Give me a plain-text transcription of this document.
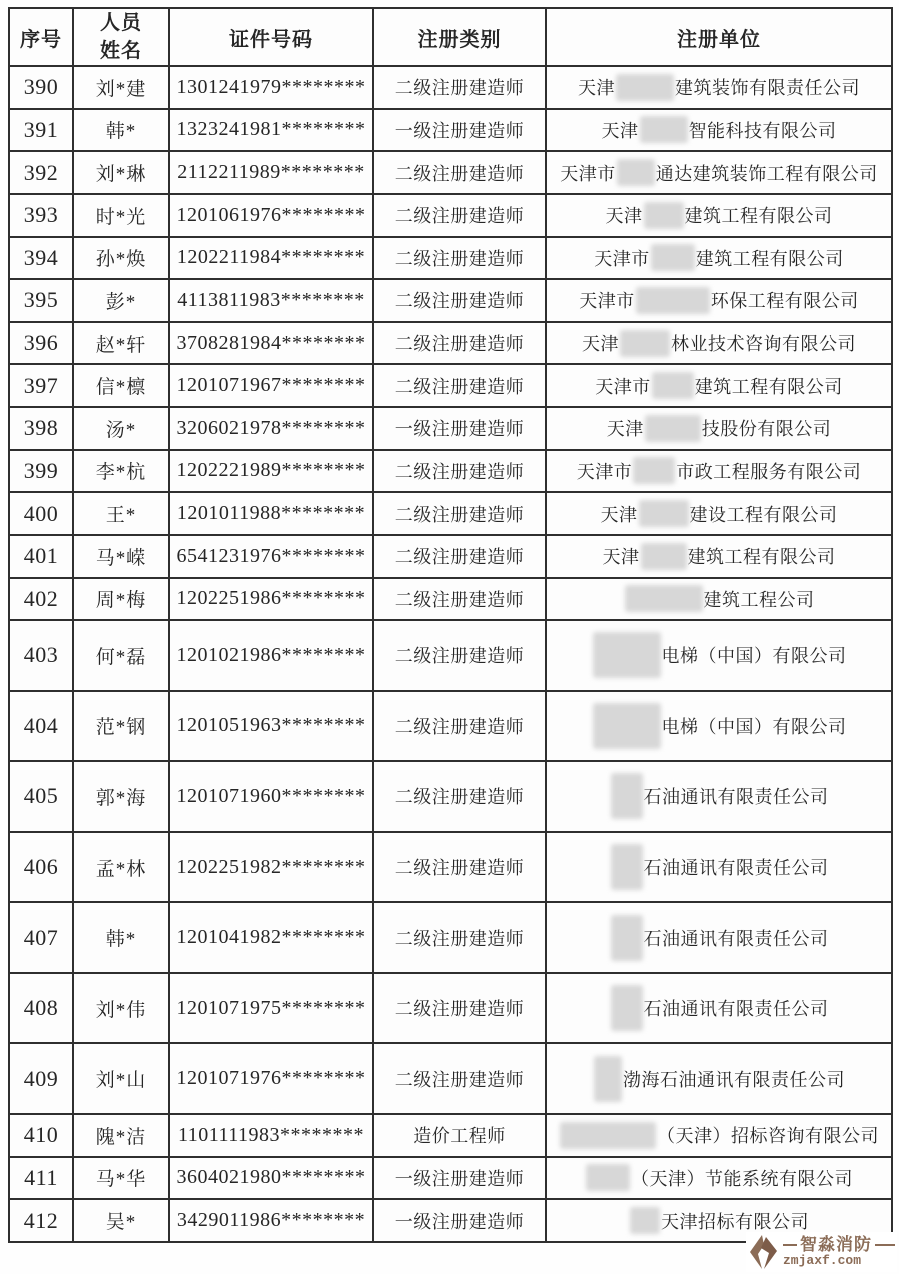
序号	人员姓名	证件号码	注册类别	注册单位
390	刘*建	1301241979********	二级注册建造师	天津 建筑装饰有限责任公司

391	韩*	1323241981********	一级注册建造师	天津 智能科技有限公司

392	刘*琳	2112211989********	二级注册建造师	天津市 通达建筑装饰工程有限公司

393	时*光	1201061976********	二级注册建造师	天津 建筑工程有限公司

394	孙*焕	1202211984********	二级注册建造师	天津市 建筑工程有限公司

395	彭*	4113811983********	二级注册建造师	天津市 环保工程有限公司

396	赵*轩	3708281984********	二级注册建造师	天津 林业技术咨询有限公司

397	信*檩	1201071967********	二级注册建造师	天津市 建筑工程有限公司

398	汤*	3206021978********	一级注册建造师	天津 技股份有限公司

399	李*杭	1202221989********	二级注册建造师	天津市 市政工程服务有限公司

400	王*	1201011988********	二级注册建造师	天津 建设工程有限公司

401	马*嵘	6541231976********	二级注册建造师	天津 建筑工程有限公司

402	周*梅	1202251986********	二级注册建造师	建筑工程公司

403	何*磊	1201021986********	二级注册建造师	电梯（中国）有限公司

404	范*钢	1201051963********	二级注册建造师	电梯（中国）有限公司

405	郭*海	1201071960********	二级注册建造师	石油通讯有限责任公司

406	孟*林	1202251982********	二级注册建造师	石油通讯有限责任公司

407	韩*	1201041982********	二级注册建造师	石油通讯有限责任公司

408	刘*伟	1201071975********	二级注册建造师	石油通讯有限责任公司

409	刘*山	1201071976********	二级注册建造师	渤海石油通讯有限责任公司

410	隗*洁	1101111983********	造价工程师	（天津）招标咨询有限公司

411	马*华	3604021980********	一级注册建造师	（天津）节能系统有限公司

412	吴*	3429011986********	一级注册建造师	天津招标有限公司
智淼消防
zmjaxf.com
